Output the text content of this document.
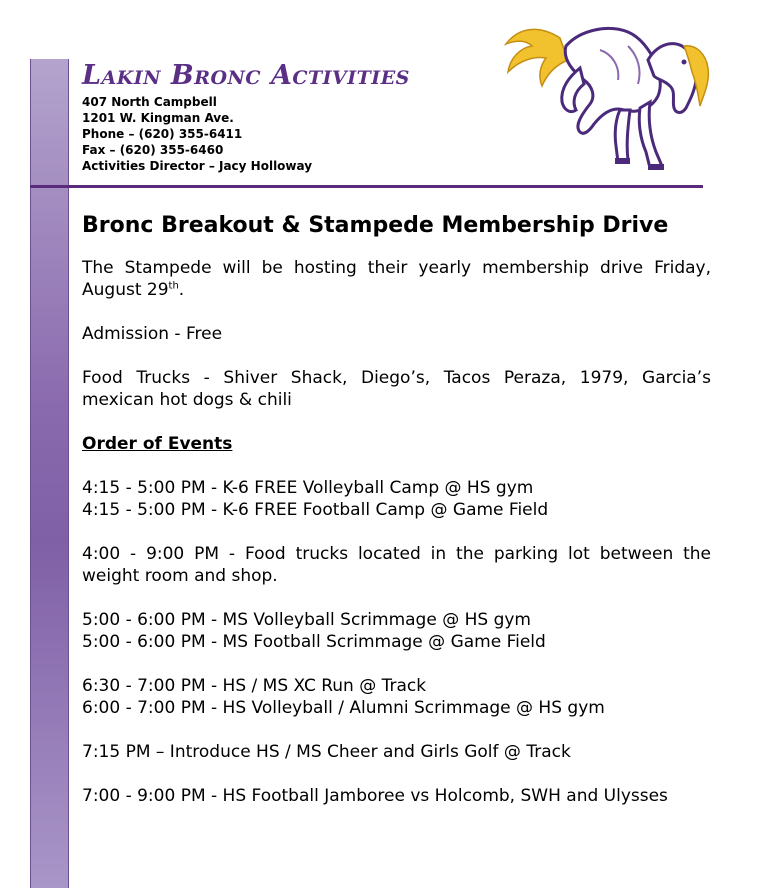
Lakin Bronc Activities
407 North Campbell
1201 W. Kingman Ave.
Phone – (620) 355-6411
Fax – (620) 355-6460
Activities Director – Jacy Holloway
Bronc Breakout & Stampede Membership Drive

The Stampede will be hosting their yearly membership drive Friday, August 29th.

Admission - Free

Food Trucks - Shiver Shack, Diego’s, Tacos Peraza, 1979, Garcia’s mexican hot dogs & chili

Order of Events
4:15 - 5:00 PM - K-6 FREE Volleyball Camp @ HS gym
4:15 - 5:00 PM - K-6 FREE Football Camp @ Game Field

4:00 - 9:00 PM - Food trucks located in the parking lot between the weight room and shop.

5:00 - 6:00 PM - MS Volleyball Scrimmage @ HS gym
5:00 - 6:00 PM - MS Football Scrimmage @ Game Field
6:30 - 7:00 PM - HS / MS XC Run @ Track
6:00 - 7:00 PM - HS Volleyball / Alumni Scrimmage @ HS gym
7:15 PM – Introduce HS / MS Cheer and Girls Golf @ Track
7:00 - 9:00 PM - HS Football Jamboree vs Holcomb, SWH and Ulysses
